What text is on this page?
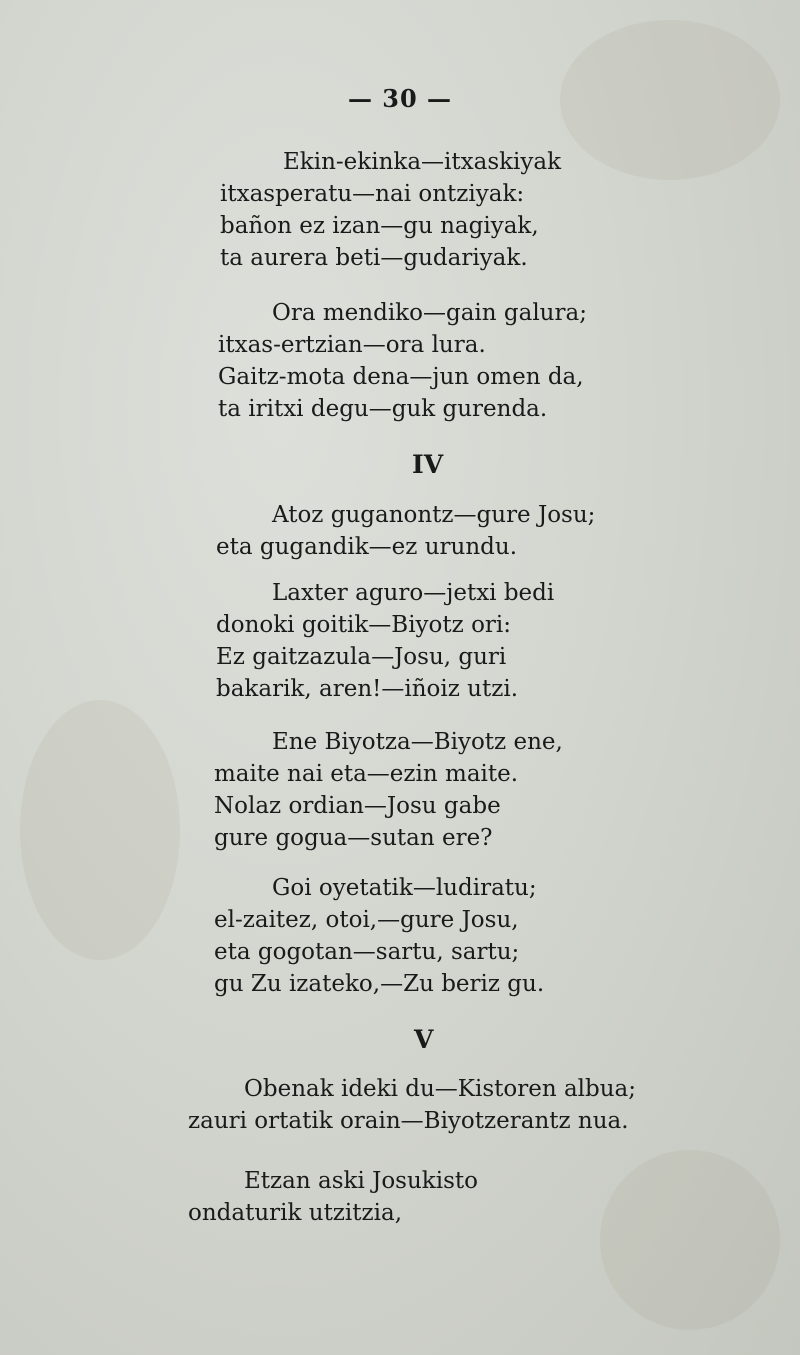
— 30 —
Ekin-ekinka—itxaskiyak
itxasperatu—nai ontziyak:
bañon ez izan—gu nagiyak,
ta aurera beti—gudariyak.
Ora mendiko—gain galura;
itxas-ertzian—ora lura.
Gaitz-mota dena—jun omen da,
ta iritxi degu—guk gurenda.
IV
Atoz guganontz—gure Josu;
eta gugandik—ez urundu.
Laxter aguro—jetxi bedi
donoki goitik—Biyotz ori:
Ez gaitzazula—Josu, guri
bakarik, aren!—iñoiz utzi.
Ene Biyotza—Biyotz ene,
maite nai eta—ezin maite.
Nolaz ordian—Josu gabe
gure gogua—sutan ere?
Goi oyetatik—ludiratu;
el-zaitez, otoi,—gure Josu,
eta gogotan—sartu, sartu;
gu Zu izateko,—Zu beriz gu.
V
Obenak ideki du—Kistoren albua;
zauri ortatik orain—Biyotzerantz nua.
Etzan aski Josukisto
ondaturik utzitzia,
